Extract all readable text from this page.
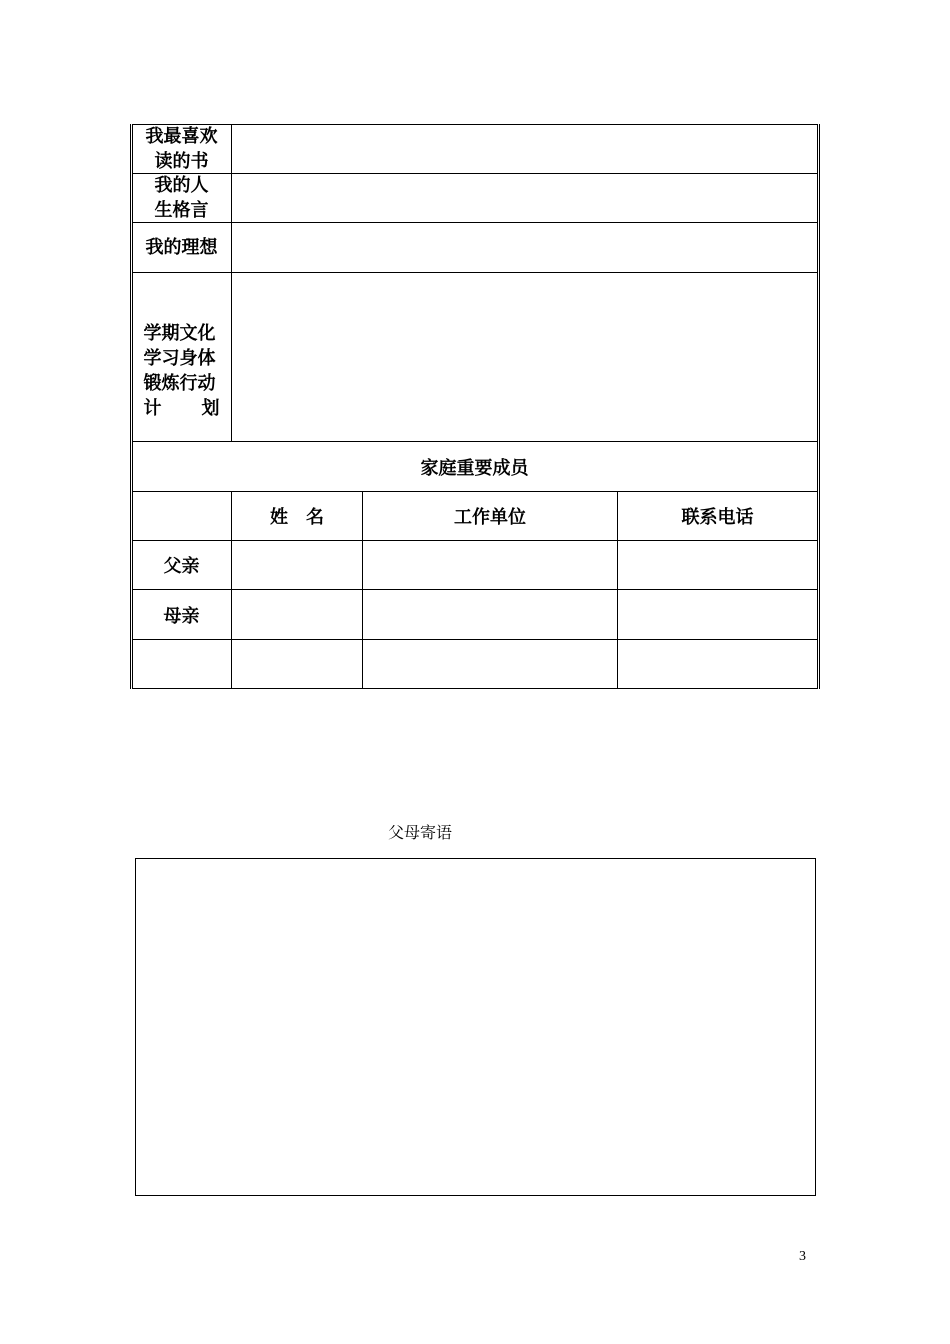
我最喜欢
读的书
我的人
生格言
我的理想
学期文化
学习身体
锻炼行动
计 划
家庭重要成员
姓　名	工作单位	联系电话
父亲
母亲
父母寄语
3
